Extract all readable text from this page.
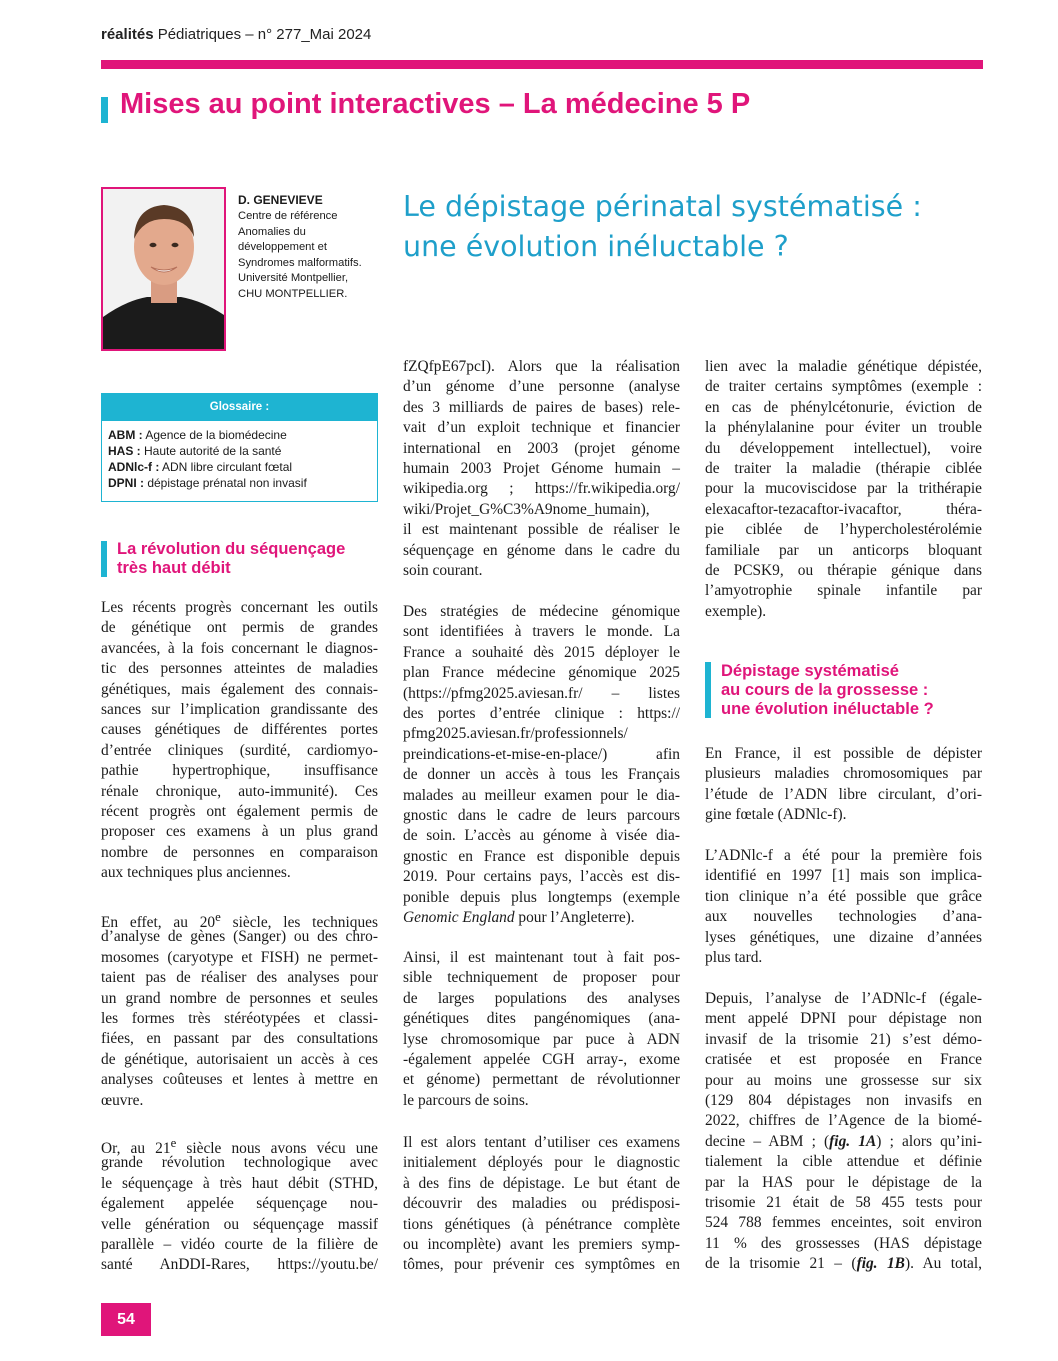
réalités Pédiatriques – n° 277_Mai 2024
Mises au point interactives – La médecine 5 P
D. GENEVIEVE
Centre de référence
Anomalies du
développement et
Syndromes malformatifs.
Université Montpellier,
CHU MONTPELLIER.
Le dépistage périnatal systématisé :
une évolution inéluctable ?
Glossaire :
ABM : Agence de la biomédecine
HAS : Haute autorité de la santé
ADNlc-f : ADN libre circulant fœtal
DPNI : dépistage prénatal non invasif
La révolution du séquençage
très haut débit
Dépistage systématisé
au cours de la grossesse :
une évolution inéluctable ?
Les récents progrès concernant les outils
de génétique ont permis de grandes
avancées, à la fois concernant le diagnos-
tic des personnes atteintes de maladies
génétiques, mais également des connais-
sances sur l’implication grandissante des
causes génétiques de différentes portes
d’entrée cliniques (surdité, cardiomyo-
pathie hypertrophique, insuffisance
rénale chronique, auto-immunité). Ces
récent progrès ont également permis de
proposer ces examens à un plus grand
nombre de personnes en comparaison
aux techniques plus anciennes.
En effet, au 20e siècle, les techniques
d’analyse de gènes (Sanger) ou des chro-
mosomes (caryotype et FISH) ne permet-
taient pas de réaliser des analyses pour
un grand nombre de personnes et seules
les formes très stéréotypées et classi-
fiées, en passant par des consultations
de génétique, autorisaient un accès à ces
analyses coûteuses et lentes à mettre en
œuvre.
Or, au 21e siècle nous avons vécu une
grande révolution technologique avec
le séquençage à très haut débit (STHD,
également appelée séquençage nou-
velle génération ou séquençage massif
parallèle – vidéo courte de la filière de
santé AnDDI-Rares, https://youtu.be/
fZQfpE67pcI). Alors que la réalisation
d’un génome d’une personne (analyse
des 3 milliards de paires de bases) rele-
vait d’un exploit technique et financier
international en 2003 (projet génome
humain 2003 Projet Génome humain –
wikipedia.org ; https://fr.wikipedia.org/
wiki/Projet_G%C3%A9nome_humain),
il est maintenant possible de réaliser le
séquençage en génome dans le cadre du
soin courant.
Des stratégies de médecine génomique
sont identifiées à travers le monde. La
France a souhaité dès 2015 déployer le
plan France médecine génomique 2025
(https://pfmg2025.aviesan.fr/ – listes
des portes d’entrée clinique : https://
pfmg2025.aviesan.fr/professionnels/
preindications-et-mise-en-place/) afin
de donner un accès à tous les Français
malades au meilleur examen pour le dia-
gnostic dans le cadre de leurs parcours
de soin. L’accès au génome à visée dia-
gnostic en France est disponible depuis
2019. Pour certains pays, l’accès est dis-
ponible depuis plus longtemps (exemple
Genomic England pour l’Angleterre).
Ainsi, il est maintenant tout à fait pos-
sible techniquement de proposer pour
de larges populations des analyses
génétiques dites pangénomiques (ana-
lyse chromosomique par puce à ADN
-également appelée CGH array-, exome
et génome) permettant de révolutionner
le parcours de soins.
Il est alors tentant d’utiliser ces examens
initialement déployés pour le diagnostic
à des fins de dépistage. Le but étant de
découvrir des maladies ou prédisposi-
tions génétiques (à pénétrance complète
ou incomplète) avant les premiers symp-
tômes, pour prévenir ces symptômes en
lien avec la maladie génétique dépistée,
de traiter certains symptômes (exemple :
en cas de phénylcétonurie, éviction de
la phénylalanine pour éviter un trouble
du développement intellectuel), voire
de traiter la maladie (thérapie ciblée
pour la mucoviscidose par la trithérapie
elexacaftor-tezacaftor-ivacaftor, théra-
pie ciblée de l’hypercholestérolémie
familiale par un anticorps bloquant
de PCSK9, ou thérapie génique dans
l’amyotrophie spinale infantile par
exemple).
En France, il est possible de dépister
plusieurs maladies chromosomiques par
l’étude de l’ADN libre circulant, d’ori-
gine fœtale (ADNlc-f).
L’ADNlc-f a été pour la première fois
identifié en 1997 [1] mais son implica-
tion clinique n’a été possible que grâce
aux nouvelles technologies d’ana-
lyses génétiques, une dizaine d’années
plus tard.
Depuis, l’analyse de l’ADNlc-f (égale-
ment appelé DPNI pour dépistage non
invasif de la trisomie 21) s’est démo-
cratisée et est proposée en France
pour au moins une grossesse sur six
(129 804 dépistages non invasifs en
2022, chiffres de l’Agence de la biomé-
decine – ABM ; (fig. 1A) ; alors qu’ini-
tialement la cible attendue et définie
par la HAS pour le dépistage de la
trisomie 21 était de 58 455 tests pour
524 788 femmes enceintes, soit environ
11 % des grossesses (HAS dépistage
de la trisomie 21 – (fig. 1B). Au total,
54
